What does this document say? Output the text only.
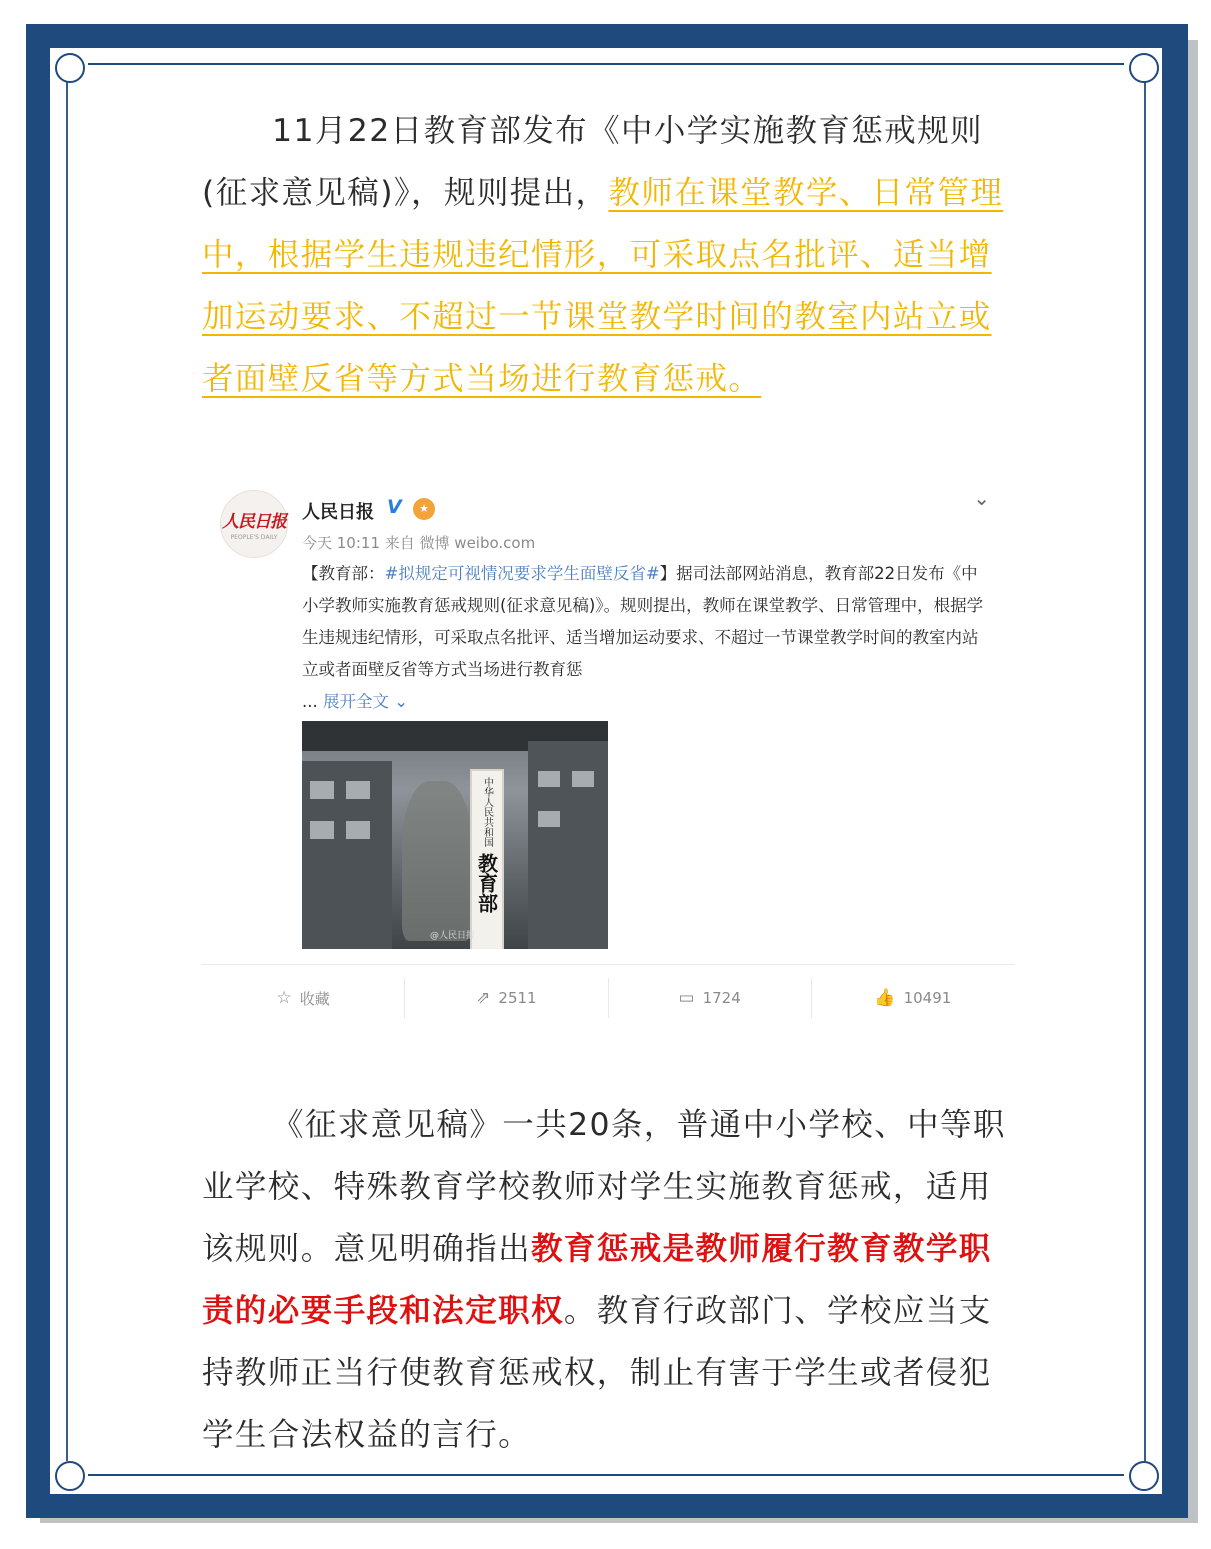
11月22日教育部发布《中小学实施教育惩戒规则(征求意见稿)》，规则提出，教师在课堂教学、日常管理中，根据学生违规违纪情形，可采取点名批评、适当增加运动要求、不超过一节课堂教学时间的教室内站立或者面壁反省等方式当场进行教育惩戒。
人民日报
PEOPLE'S DAILY
人民日报 V	★	⌄
今天 10:11 来自 微博 weibo.com
【教育部：#拟规定可视情况要求学生面壁反省#】据司法部网站消息，教育部22日发布《中小学教师实施教育惩戒规则(征求意见稿)》。规则提出，教师在课堂教学、日常管理中，根据学生违规违纪情形，可采取点名批评、适当增加运动要求、不超过一节课堂教学时间的教室内站立或者面壁反省等方式当场进行教育惩
... 展开全文 ⌄
中华人民共和国
教育部
@人民日报
☆ 收藏	⇗ 2511	▭ 1724	👍 10491
《征求意见稿》一共20条，普通中小学校、中等职业学校、特殊教育学校教师对学生实施教育惩戒，适用该规则。意见明确指出教育惩戒是教师履行教育教学职责的必要手段和法定职权。教育行政部门、学校应当支持教师正当行使教育惩戒权，制止有害于学生或者侵犯学生合法权益的言行。
